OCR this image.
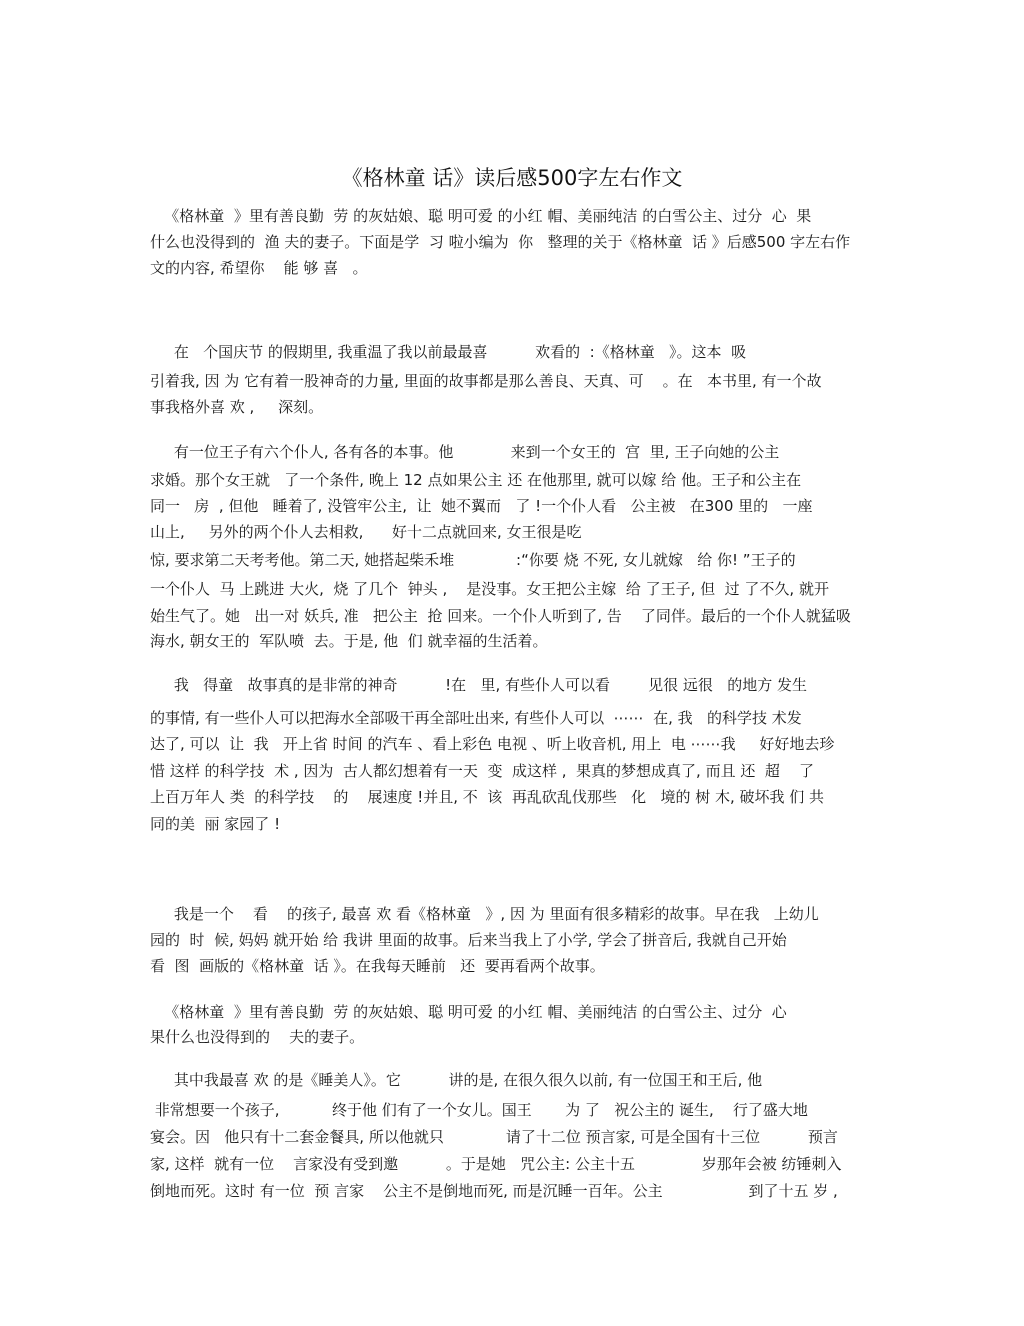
《格林童 话》读后感500字左右作文
《格林童  》里有善良勤  劳 的灰姑娘、聪 明可爱 的小红 帽、美丽纯洁 的白雪公主、过分  心  果
什么也没得到的  渔 夫的妻子。下面是学  习 啦小编为  你   整理的关于《格林童  话 》后感500 字左右作
文的内容, 希望你    能 够 喜   。
在   个国庆节 的假期里, 我重温了我以前最最喜          欢看的  :《格林童   》。这本  吸
引着我, 因 为 它有着一股神奇的力量, 里面的故事都是那么善良、天真、可    。在   本书里, 有一个故
事我格外喜 欢 ,     深刻。
有一位王子有六个仆人, 各有各的本事。他            来到一个女王的  宫  里, 王子向她的公主
求婚。那个女王就   了一个条件, 晚上 12 点如果公主 还 在他那里, 就可以嫁 给 他。王子和公主在
同一   房  , 但他   睡着了, 没管牢公主,  让  她不翼而   了 !一个仆人看   公主被   在300 里的   一座
山上,     另外的两个仆人去相救,      好十二点就回来, 女王很是吃
惊, 要求第二天考考他。第二天, 她搭起柴禾堆             :“你要 烧 不死, 女儿就嫁   给 你! ”王子的
一个仆人  马 上跳进 大火,  烧 了几个  钟头 ,    是没事。女王把公主嫁  给 了王子, 但  过 了不久, 就开
始生气了。她   出一对 妖兵, 准   把公主  抢 回来。一个仆人听到了, 告    了同伴。最后的一个仆人就猛吸
海水, 朝女王的  军队喷  去。于是, 他  们 就幸福的生活着。
我   得童   故事真的是非常的神奇          !在   里, 有些仆人可以看        见很 远很   的地方 发生
的事情, 有一些仆人可以把海水全部吸干再全部吐出来, 有些仆人可以  ⋯⋯  在, 我   的科学技 术发
达了, 可以  让  我   开上省 时间 的汽车 、看上彩色 电视 、听上收音机, 用上  电 ⋯⋯我     好好地去珍
惜 这样 的科学技  术 , 因为  古人都幻想着有一天  变  成这样 ,  果真的梦想成真了, 而且 还  超    了
上百万年人 类  的科学技    的    展速度 !并且, 不  该  再乱砍乱伐那些   化   境的 树 木, 破坏我 们 共
同的美  丽 家园了 !
我是一个    看    的孩子, 最喜 欢 看《格林童   》, 因 为 里面有很多精彩的故事。早在我   上幼儿
园的  时  候, 妈妈 就开始 给 我讲 里面的故事。后来当我上了小学, 学会了拼音后, 我就自己开始
看  图  画版的《格林童  话 》。在我每天睡前   还  要再看两个故事。
《格林童  》里有善良勤  劳 的灰姑娘、聪 明可爱 的小红 帽、美丽纯洁 的白雪公主、过分  心
果什么也没得到的    夫的妻子。
其中我最喜 欢 的是《睡美人》。它          讲的是, 在很久很久以前, 有一位国王和王后, 他
非常想要一个孩子,           终于他 们有了一个女儿。国王       为 了   祝公主的 诞生,    行了盛大地
宴会。因   他只有十二套金餐具, 所以他就只             请了十二位 预言家, 可是全国有十三位          预言
家, 这样  就有一位    言家没有受到邀          。于是她   咒公主: 公主十五              岁那年会被 纺锤刺入
倒地而死。这时 有一位  预 言家    公主不是倒地而死, 而是沉睡一百年。公主                  到了十五 岁 ,
